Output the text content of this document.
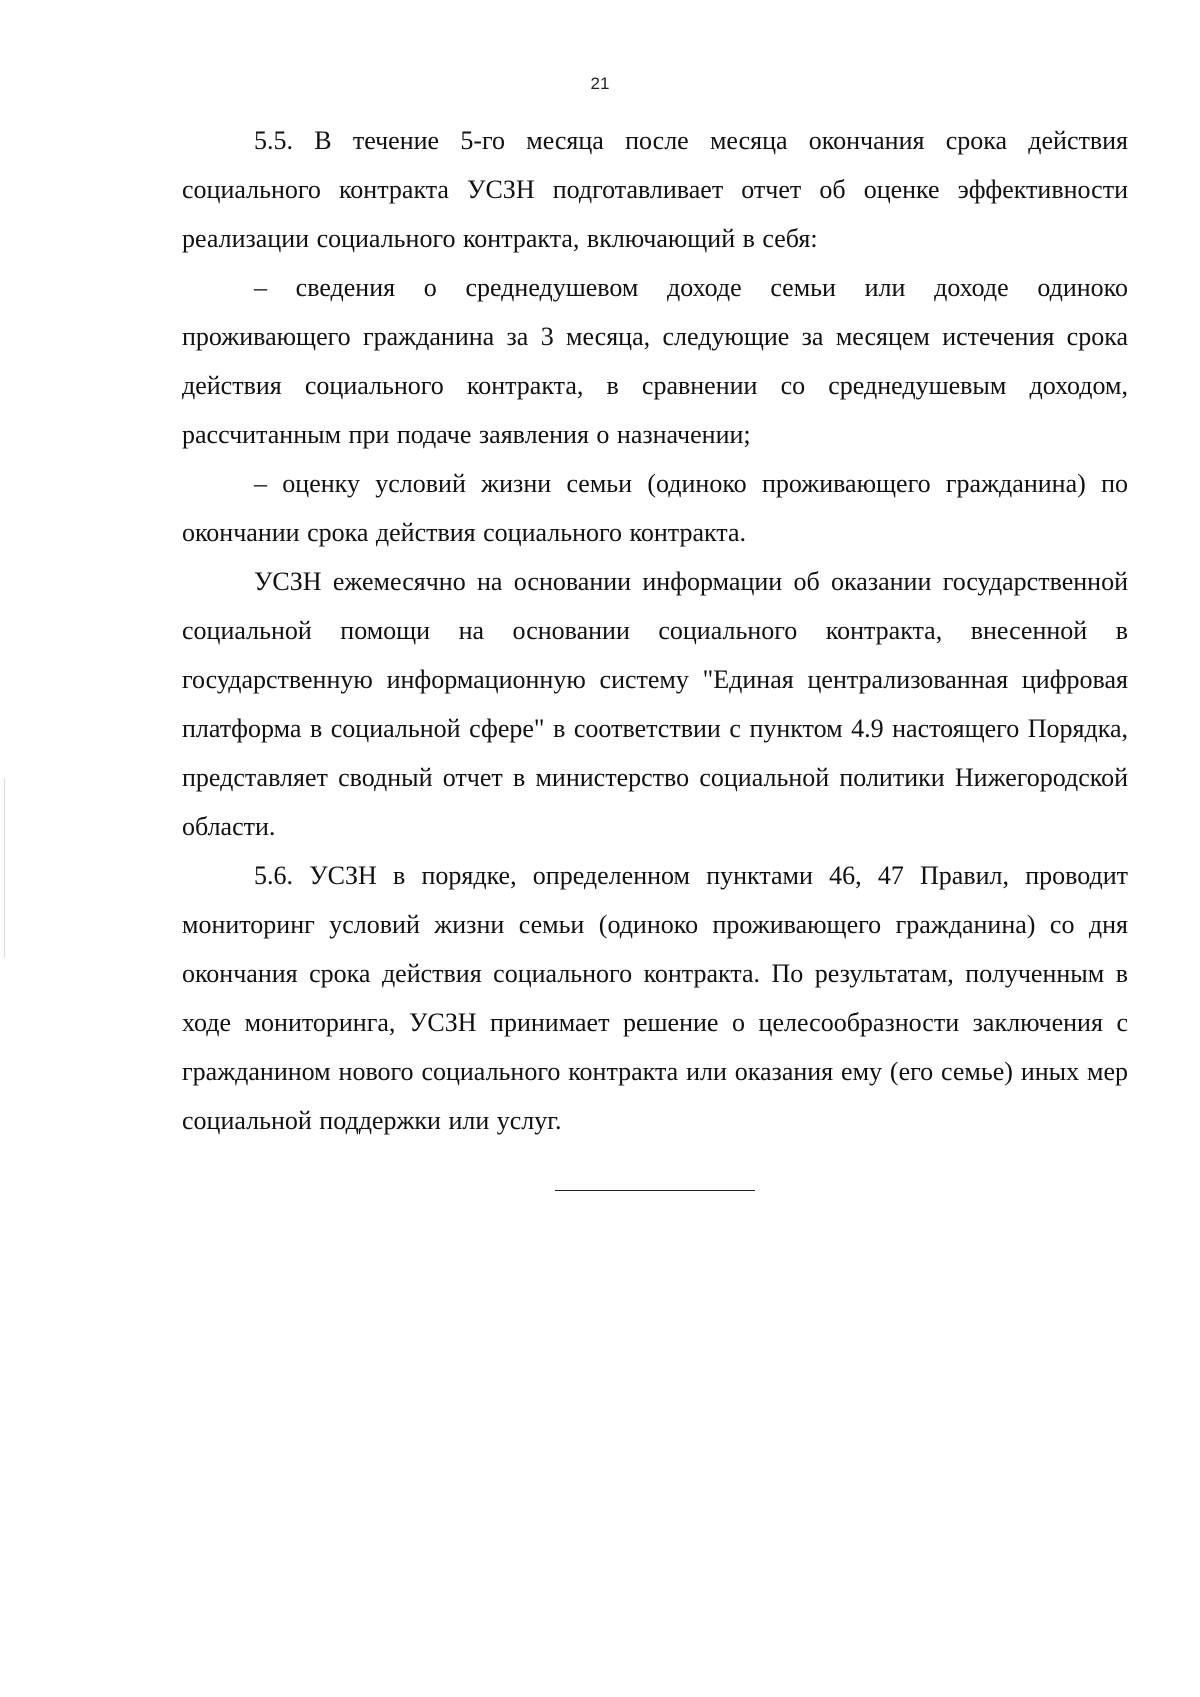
21

5.5. В течение 5-го месяца после месяца окончания срока действия социального контракта УСЗН подготавливает отчет об оценке эффективности реализации социального контракта, включающий в себя:

– сведения о среднедушевом доходе семьи или доходе одиноко проживающего гражданина за 3 месяца, следующие за месяцем истечения срока действия социального контракта, в сравнении со среднедушевым доходом, рассчитанным при подаче заявления о назначении;

– оценку условий жизни семьи (одиноко проживающего гражданина) по окончании срока действия социального контракта.

УСЗН ежемесячно на основании информации об оказании государственной социальной помощи на основании социального контракта, внесенной в государственную информационную систему "Единая централизованная цифровая платформа в социальной сфере" в соответствии с пунктом 4.9 настоящего Порядка, представляет сводный отчет в министерство социальной политики Нижегородской области.

5.6. УСЗН в порядке, определенном пунктами 46, 47 Правил, проводит мониторинг условий жизни семьи (одиноко проживающего гражданина) со дня окончания срока действия социального контракта. По результатам, полученным в ходе мониторинга, УСЗН принимает решение о целесообразности заключения с гражданином нового социального контракта или оказания ему (его семье) иных мер социальной поддержки или услуг.
